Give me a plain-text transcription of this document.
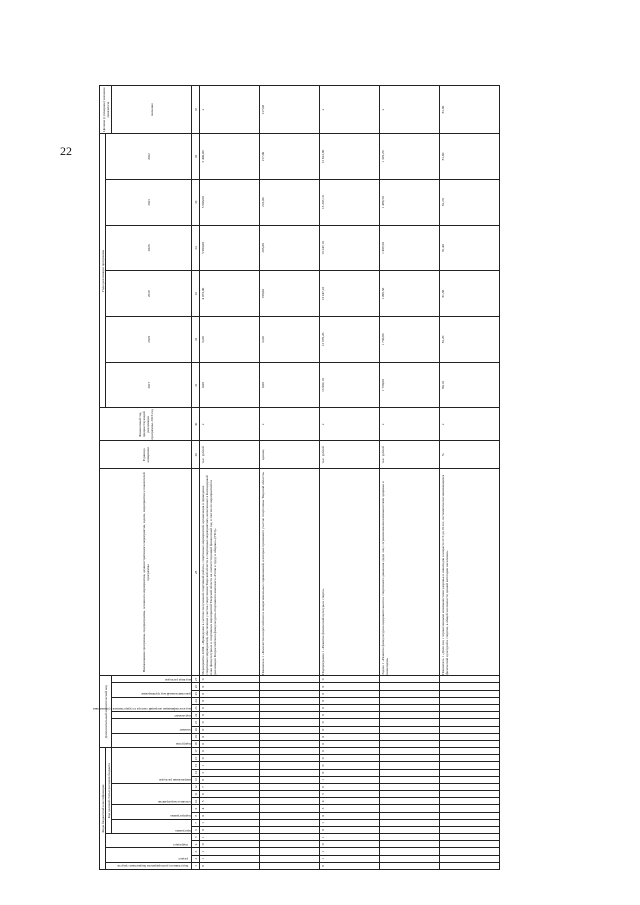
22
Коды бюджетной классификации																	Дополнительный аналитический код										Наименование программы, подпрограммы, основного мероприятия, административного мероприятия, задачи, мероприятия и показателей программы	Единица измерения	Финансовый год, предшествующий реализации программы, 2016 год	Годы реализации программы						Целевое (суммарное) значение показателя

Код главного распорядителя бюджетных средств	раздел		подраздел		Код целевой статьи расходов бюджета																									2017	2018	2019	2020	2021	2022	

					программа		подпрограмма		основное мероприятие			направление расходов					подгруппа		элемент		подэлемент	код классификации операций сектора государственного управления		дополнительный код группировки		код вида расходов										значение
1	2	3	4	5	6	7	8	9	10	11	12	13	14	15	16	17	18	19	20	21	22	23	24	25	26	27	28	29	30	31	32	33	34	35	36	37
8	1	1	0	1	0	1	0	4	5	6	7	8	2	1	0	0	0	0	0	0	0	6	0	0	0	0	Мероприятие 4.004. «Проведение в системе полученной спортивной работы, спортивных мероприятий, организация и проведение спортивных мероприятий, обеспечение участия спортсменов Тверской области в спортивных мероприятиях, включенных в Календарный план физкультурных и спортивных мероприятий Тверской области на соответствующий финансовый год, в том числе мероприятий по реализации Всероссийского физкультурно-спортивного комплекса «Готов к труду и обороне» (ГТО)»	тыс. рублей	x	0,00	0,00	4 073,00	5 900,00	5 900,00	5 400,00	x
																											Показатель 1 «Количество всероссийских и межрегиональных соревнований, в которых принимают участие спортсмены Тверской области»	единиц	x	0,00	0,00	198,00	205,00	210,00	217,00	217,00
8	1	1	0	1	0	1	0	3	4	5	6	1	0	0	0	0	0	0	0	0	0	0	0	0	0	0	Подпрограмма 1 «Развитие физической культуры и спорта»	тыс. рублей	x	13 002,10	12 978,20	13 247,10	13 247,10	13 247,10	12 622,90	x
																											Задача 1 «Развитие физкультурно-оздоровительного и спортивного движения среди лиц с ограниченными возможностями здоровья и инвалидов»	тыс. рублей	x	1 730,60	1 730,60	1 499,50	1 499,50	1 499,50	1 329,20	x
																											Показатель 1 «Доля лиц с ограниченными возможностями здоровья и инвалидов в возрасте от 6 до 18 лет, систематически занимающихся физической культурой и спортом, в общей численности данной категории населения»	%	x	80,10	81,20	81,30	81,40	81,20	81,60	81,90
